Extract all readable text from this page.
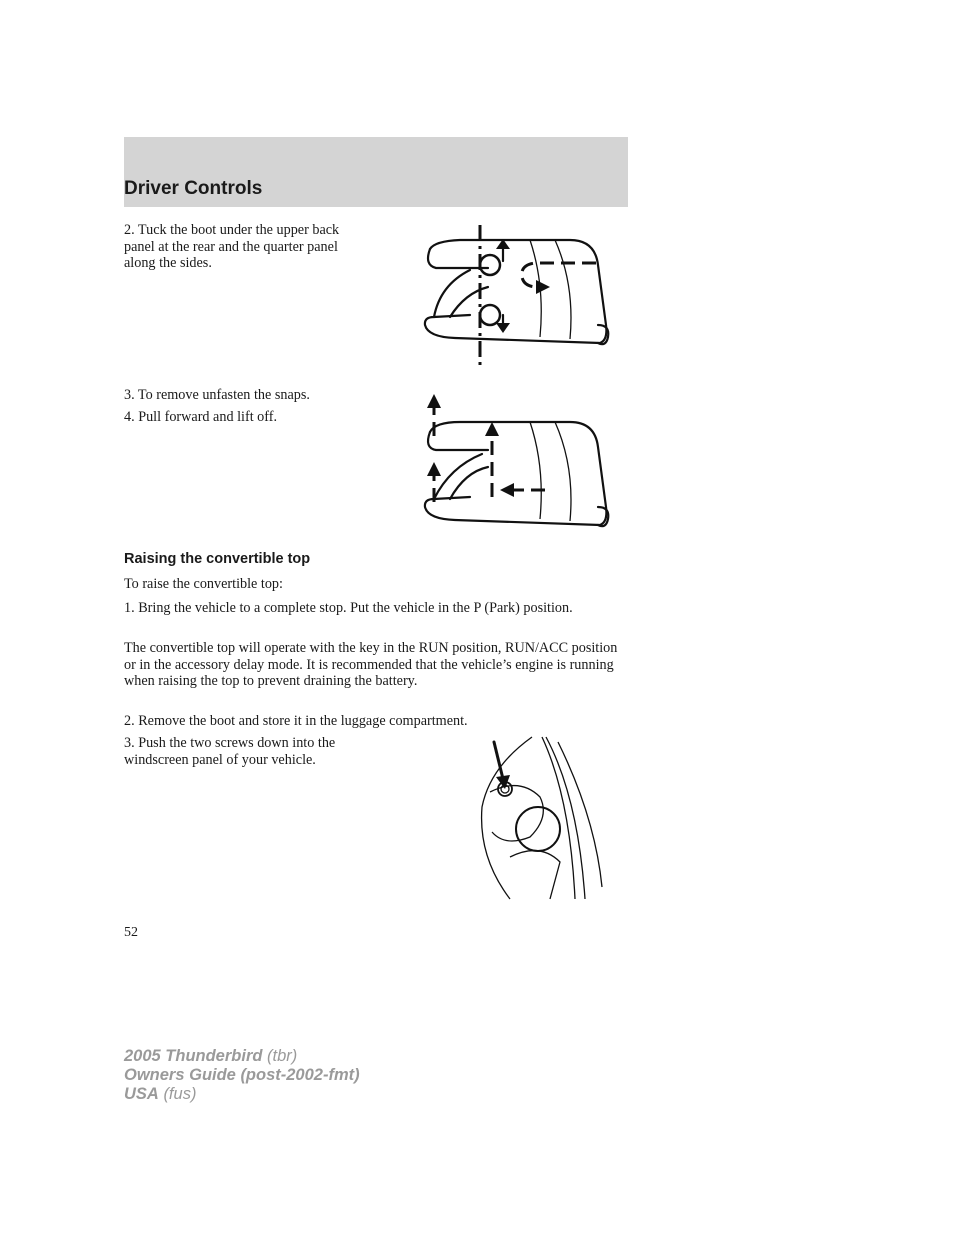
Driver Controls

2. Tuck the boot under the upper back panel at the rear and the quarter panel along the sides.

3. To remove unfasten the snaps.

4. Pull forward and lift off.

Raising the convertible top

To raise the convertible top:

1. Bring the vehicle to a complete stop. Put the vehicle in the P (Park) position.

The convertible top will operate with the key in the RUN position, RUN/ACC position or in the accessory delay mode. It is recommended that the vehicle’s engine is running when raising the top to prevent draining the battery.

2. Remove the boot and store it in the luggage compartment.

3. Push the two screws down into the windscreen panel of your vehicle.

52
2005 Thunderbird (tbr)
Owners Guide (post-2002-fmt)
USA (fus)
